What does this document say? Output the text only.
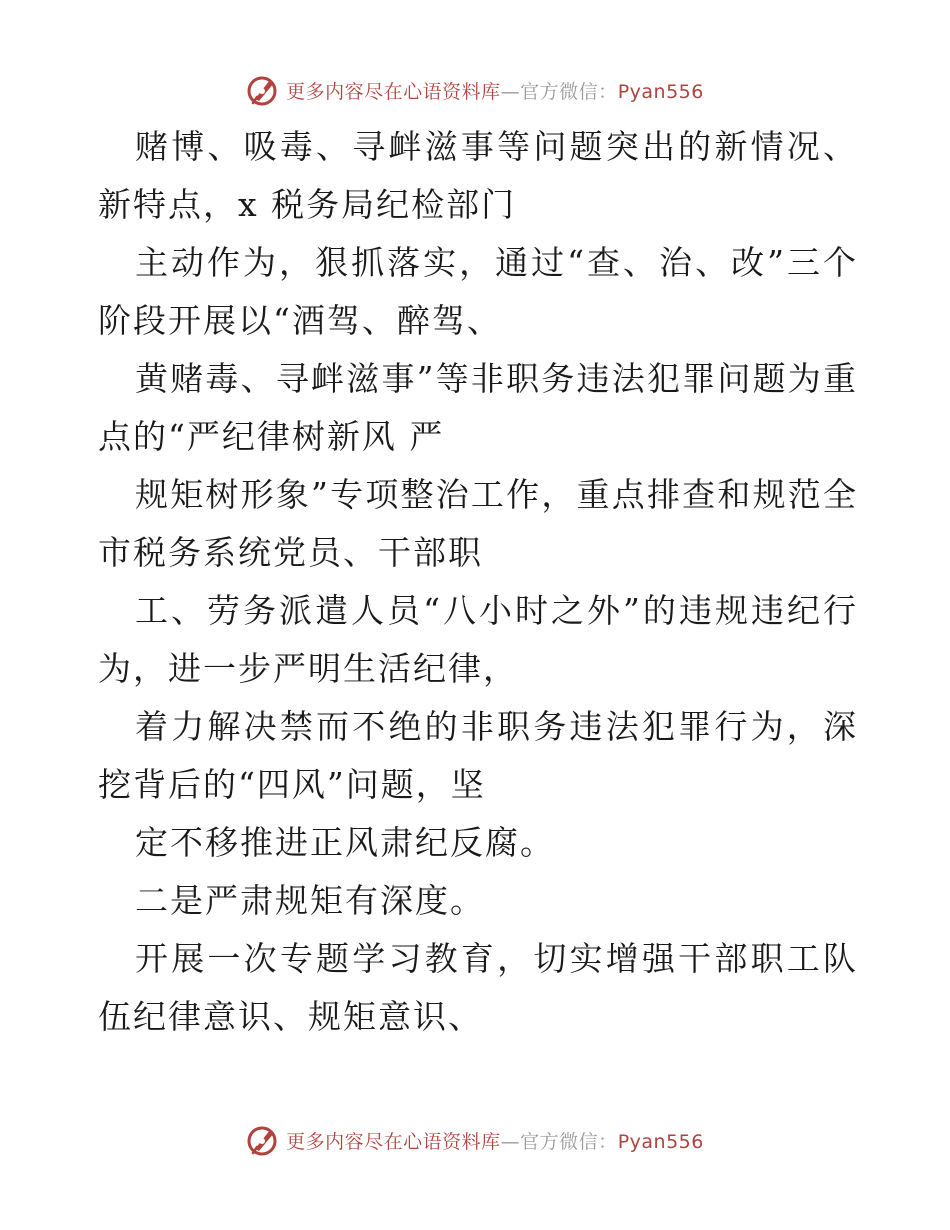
更多内容尽在心语资料库—官方微信：Pyan556

赌博、吸毒、寻衅滋事等问题突出的新情况、新特点，x 税务局纪检部门

主动作为，狠抓落实，通过“查、治、改”三个阶段开展以“酒驾、醉驾、

黄赌毒、寻衅滋事”等非职务违法犯罪问题为重点的“严纪律树新风 严

规矩树形象”专项整治工作，重点排查和规范全市税务系统党员、干部职

工、劳务派遣人员“八小时之外”的违规违纪行为，进一步严明生活纪律，

着力解决禁而不绝的非职务违法犯罪行为，深挖背后的“四风”问题，坚

定不移推进正风肃纪反腐。

二是严肃规矩有深度。

开展一次专题学习教育，切实增强干部职工队伍纪律意识、规矩意识、

更多内容尽在心语资料库—官方微信：Pyan556
